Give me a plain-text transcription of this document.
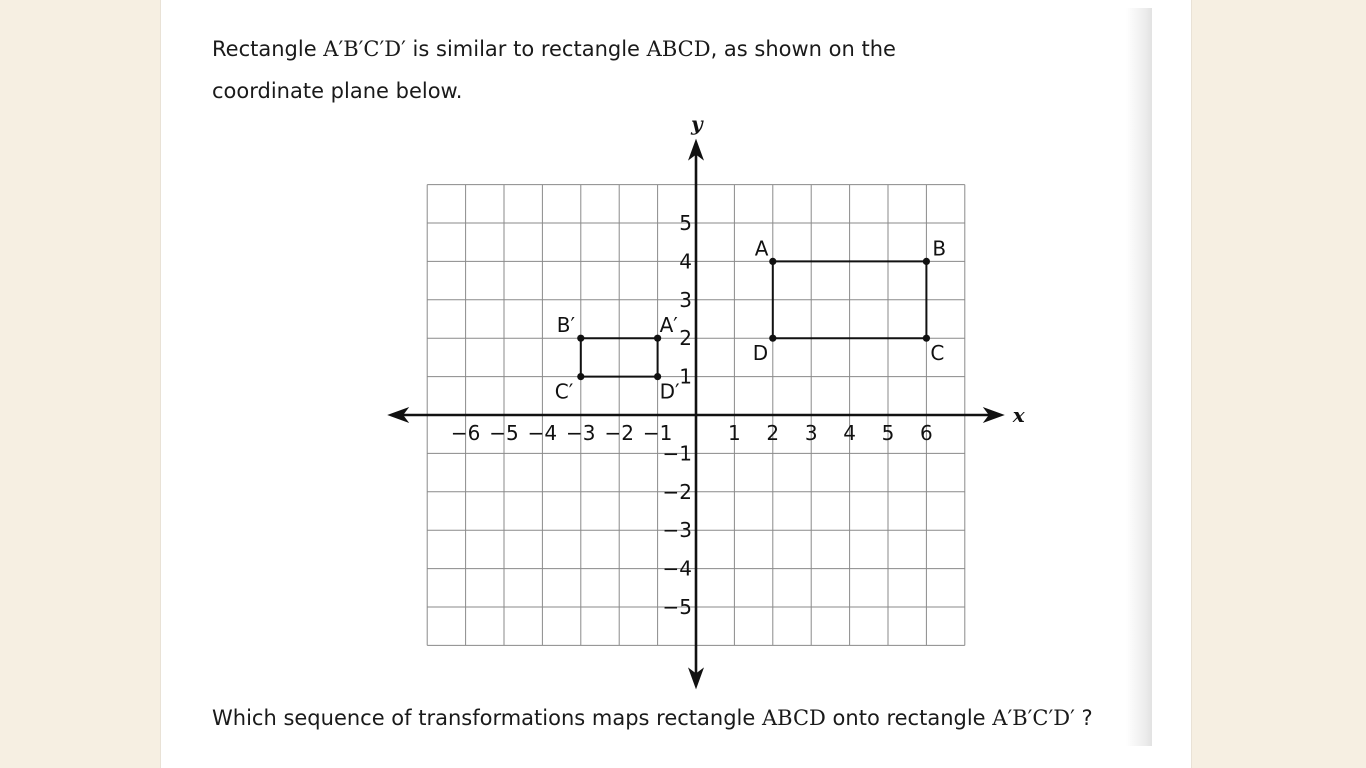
Rectangle A′B′C′D′ is similar to rectangle ABCD, as shown on the
coordinate plane below.
x
y
−6 −5 −4 −3 −2 −1	1 2 3 4 5 6
5
4
3
2
1
−1
−2
−3
−4
−5
A	B
C
D
A′
B′
C′	D′
Which sequence of transformations maps rectangle ABCD onto rectangle A′B′C′D′ ?
